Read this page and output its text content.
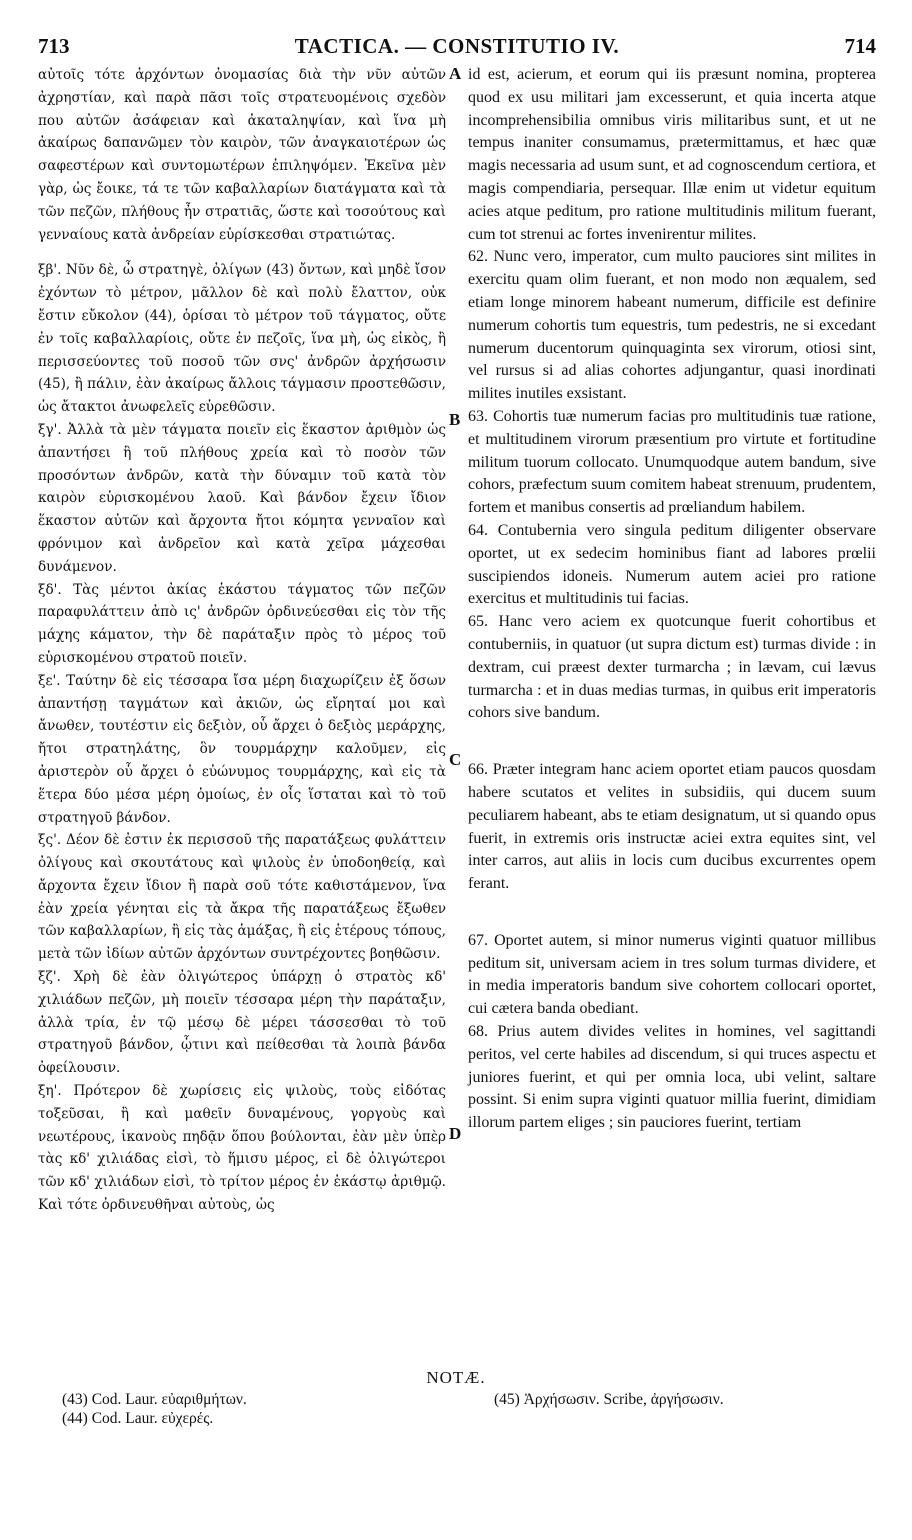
713	TACTICA. — CONSTITUTIO IV.	714
A
B
C
D

αὐτοῖς τότε ἀρχόντων ὀνομασίας διὰ τὴν νῦν αὐτῶν ἀχρηστίαν, καὶ παρὰ πᾶσι τοῖς στρατευομένοις σχεδὸν που αὐτῶν ἀσάφειαν καὶ ἀκαταληψίαν, καὶ ἵνα μὴ ἀκαίρως δαπανῶμεν τὸν καιρὸν, τῶν ἀναγκαιοτέρων ὡς σαφεστέρων καὶ συντομωτέρων ἐπιληψόμεν. Ἐκεῖνα μὲν γὰρ, ὡς ἔοικε, τά τε τῶν καβαλλαρίων διατάγματα καὶ τὰ τῶν πεζῶν, πλήθους ἦν στρατιᾶς, ὥστε καὶ τοσούτους καὶ γενναίους κατὰ ἀνδρείαν εὑρίσκεσθαι στρατιώτας.

ξβ'. Νῦν δὲ, ὦ στρατηγὲ, ὀλίγων (43) ὄντων, καὶ μηδὲ ἴσον ἐχόντων τὸ μέτρον, μᾶλλον δὲ καὶ πολὺ ἔλαττον, οὐκ ἔστιν εὔκολον (44), ὁρίσαι τὸ μέτρον τοῦ τάγματος, οὔτε ἐν τοῖς καβαλλαρίοις, οὔτε ἐν πεζοῖς, ἵνα μὴ, ὡς εἰκὸς, ἢ περισσεύοντες τοῦ ποσοῦ τῶν σνς' ἀνδρῶν ἀρχήσωσιν (45), ἢ πάλιν, ἐὰν ἀκαίρως ἄλλοις τάγμασιν προστεθῶσιν, ὡς ἄτακτοι ἀνωφελεῖς εὑρεθῶσιν.

ξγ'. Ἀλλὰ τὰ μὲν τάγματα ποιεῖν εἰς ἕκαστον ἀριθμὸν ὡς ἀπαντήσει ἢ τοῦ πλήθους χρεία καὶ τὸ ποσὸν τῶν προσόντων ἀνδρῶν, κατὰ τὴν δύναμιν τοῦ κατὰ τὸν καιρὸν εὑρισκομένου λαοῦ. Καὶ βάνδον ἔχειν ἴδιον ἕκαστον αὐτῶν καὶ ἄρχοντα ἤτοι κόμητα γενναῖον καὶ φρόνιμον καὶ ἀνδρεῖον καὶ κατὰ χεῖρα μάχεσθαι δυνάμενον.

ξδ'. Τὰς μέντοι ἀκίας ἑκάστου τάγματος τῶν πεζῶν παραφυλάττειν ἀπὸ ις' ἀνδρῶν ὀρδινεύεσθαι εἰς τὸν τῆς μάχης κάματον, τὴν δὲ παράταξιν πρὸς τὸ μέρος τοῦ εὑρισκομένου στρατοῦ ποιεῖν.

ξε'. Ταύτην δὲ εἰς τέσσαρα ἴσα μέρη διαχωρίζειν ἐξ ὅσων ἀπαντήσῃ ταγμάτων καὶ ἀκιῶν, ὡς εἴρηταί μοι καὶ ἄνωθεν, τουτέστιν εἰς δεξιὸν, οὗ ἄρχει ὁ δεξιὸς μεράρχης, ἤτοι στρατηλάτης, ὃν τουρμάρχην καλοῦμεν, εἰς ἀριστερὸν οὗ ἄρχει ὁ εὐώνυμος τουρμάρχης, καὶ εἰς τὰ ἕτερα δύο μέσα μέρη ὁμοίως, ἐν οἷς ἵσταται καὶ τὸ τοῦ στρατηγοῦ βάνδον.

ξς'. Δέον δὲ ἐστιν ἐκ περισσοῦ τῆς παρατάξεως φυλάττειν ὀλίγους καὶ σκουτάτους καὶ ψιλοὺς ἐν ὑποδοηθείᾳ, καὶ ἄρχοντα ἔχειν ἴδιον ἢ παρὰ σοῦ τότε καθιστάμενον, ἵνα ἐὰν χρεία γένηται εἰς τὰ ἄκρα τῆς παρατάξεως ἔξωθεν τῶν καβαλλαρίων, ἢ εἰς τὰς ἁμάξας, ἢ εἰς ἑτέρους τόπους, μετὰ τῶν ἰδίων αὐτῶν ἀρχόντων συντρέχοντες βοηθῶσιν.

ξζ'. Χρὴ δὲ ἐὰν ὀλιγώτερος ὑπάρχῃ ὁ στρατὸς κδ' χιλιάδων πεζῶν, μὴ ποιεῖν τέσσαρα μέρη τὴν παράταξιν, ἀλλὰ τρία, ἐν τῷ μέσῳ δὲ μέρει τάσσεσθαι τὸ τοῦ στρατηγοῦ βάνδον, ᾧτινι καὶ πείθεσθαι τὰ λοιπὰ βάνδα ὀφείλουσιν.

ξη'. Πρότερον δὲ χωρίσεις εἰς ψιλοὺς, τοὺς εἰδότας τοξεῦσαι, ἢ καὶ μαθεῖν δυναμένους, γοργοὺς καὶ νεωτέρους, ἱκανοὺς πηδᾷν ὅπου βούλονται, ἐὰν μὲν ὑπὲρ τὰς κδ' χιλιάδας εἰσὶ, τὸ ἥμισυ μέρος, εἰ δὲ ὀλιγώτεροι τῶν κδ' χιλιάδων εἰσὶ, τὸ τρίτον μέρος ἐν ἑκάστῳ ἀριθμῷ. Καὶ τότε ὀρδινευθῆναι αὐτοὺς, ὡς

id est, acierum, et eorum qui iis præsunt nomina, propterea quod ex usu militari jam excesserunt, et quia incerta atque incomprehensibilia omnibus viris militaribus sunt, et ut ne tempus inaniter consumamus, prætermittamus, et hæc quæ magis necessaria ad usum sunt, et ad cognoscendum certiora, et magis compendiaria, persequar. Illæ enim ut videtur equitum acies atque peditum, pro ratione multitudinis militum fuerant, cum tot strenui ac fortes invenirentur milites.

62. Nunc vero, imperator, cum multo pauciores sint milites in exercitu quam olim fuerant, et non modo non æqualem, sed etiam longe minorem habeant numerum, difficile est definire numerum cohortis tum equestris, tum pedestris, ne si excedant numerum ducentorum quinquaginta sex virorum, otiosi sint, vel rursus si ad alias cohortes adjungantur, quasi inordinati milites inutiles exsistant.

63. Cohortis tuæ numerum facias pro multitudinis tuæ ratione, et multitudinem virorum præsentium pro virtute et fortitudine militum tuorum collocato. Unumquodque autem bandum, sive cohors, præfectum suum comitem habeat strenuum, prudentem, fortem et manibus consertis ad prœliandum habilem.

64. Contubernia vero singula peditum diligenter observare oportet, ut ex sedecim hominibus fiant ad labores prœlii suscipiendos idoneis. Numerum autem aciei pro ratione exercitus et multitudinis tui facias.

65. Hanc vero aciem ex quotcunque fuerit cohortibus et contuberniis, in quatuor (ut supra dictum est) turmas divide : in dextram, cui præest dexter turmarcha ; in lævam, cui lævus turmarcha : et in duas medias turmas, in quibus erit imperatoris cohors sive bandum.

66. Præter integram hanc aciem oportet etiam paucos quosdam habere scutatos et velites in subsidiis, qui ducem suum peculiarem habeant, abs te etiam designatum, ut si quando opus fuerit, in extremis oris instructæ aciei extra equites sint, vel inter carros, aut aliis in locis cum ducibus excurrentes opem ferant.

67. Oportet autem, si minor numerus viginti quatuor millibus peditum sit, universam aciem in tres solum turmas dividere, et in media imperatoris bandum sive cohortem collocari oportet, cui cætera banda obediant.

68. Prius autem divides velites in homines, vel sagittandi peritos, vel certe habiles ad discendum, si qui truces aspectu et juniores fuerint, et qui per omnia loca, ubi velint, saltare possint. Si enim supra viginti quatuor millia fuerint, dimidiam illorum partem eliges ; sin pauciores fuerint, tertiam

NOTÆ.
(43) Cod. Laur. εὐαριθμήτων.
(44) Cod. Laur. εὐχερές.
(45) Ἀρχήσωσιν. Scribe, ἀργήσωσιν.
